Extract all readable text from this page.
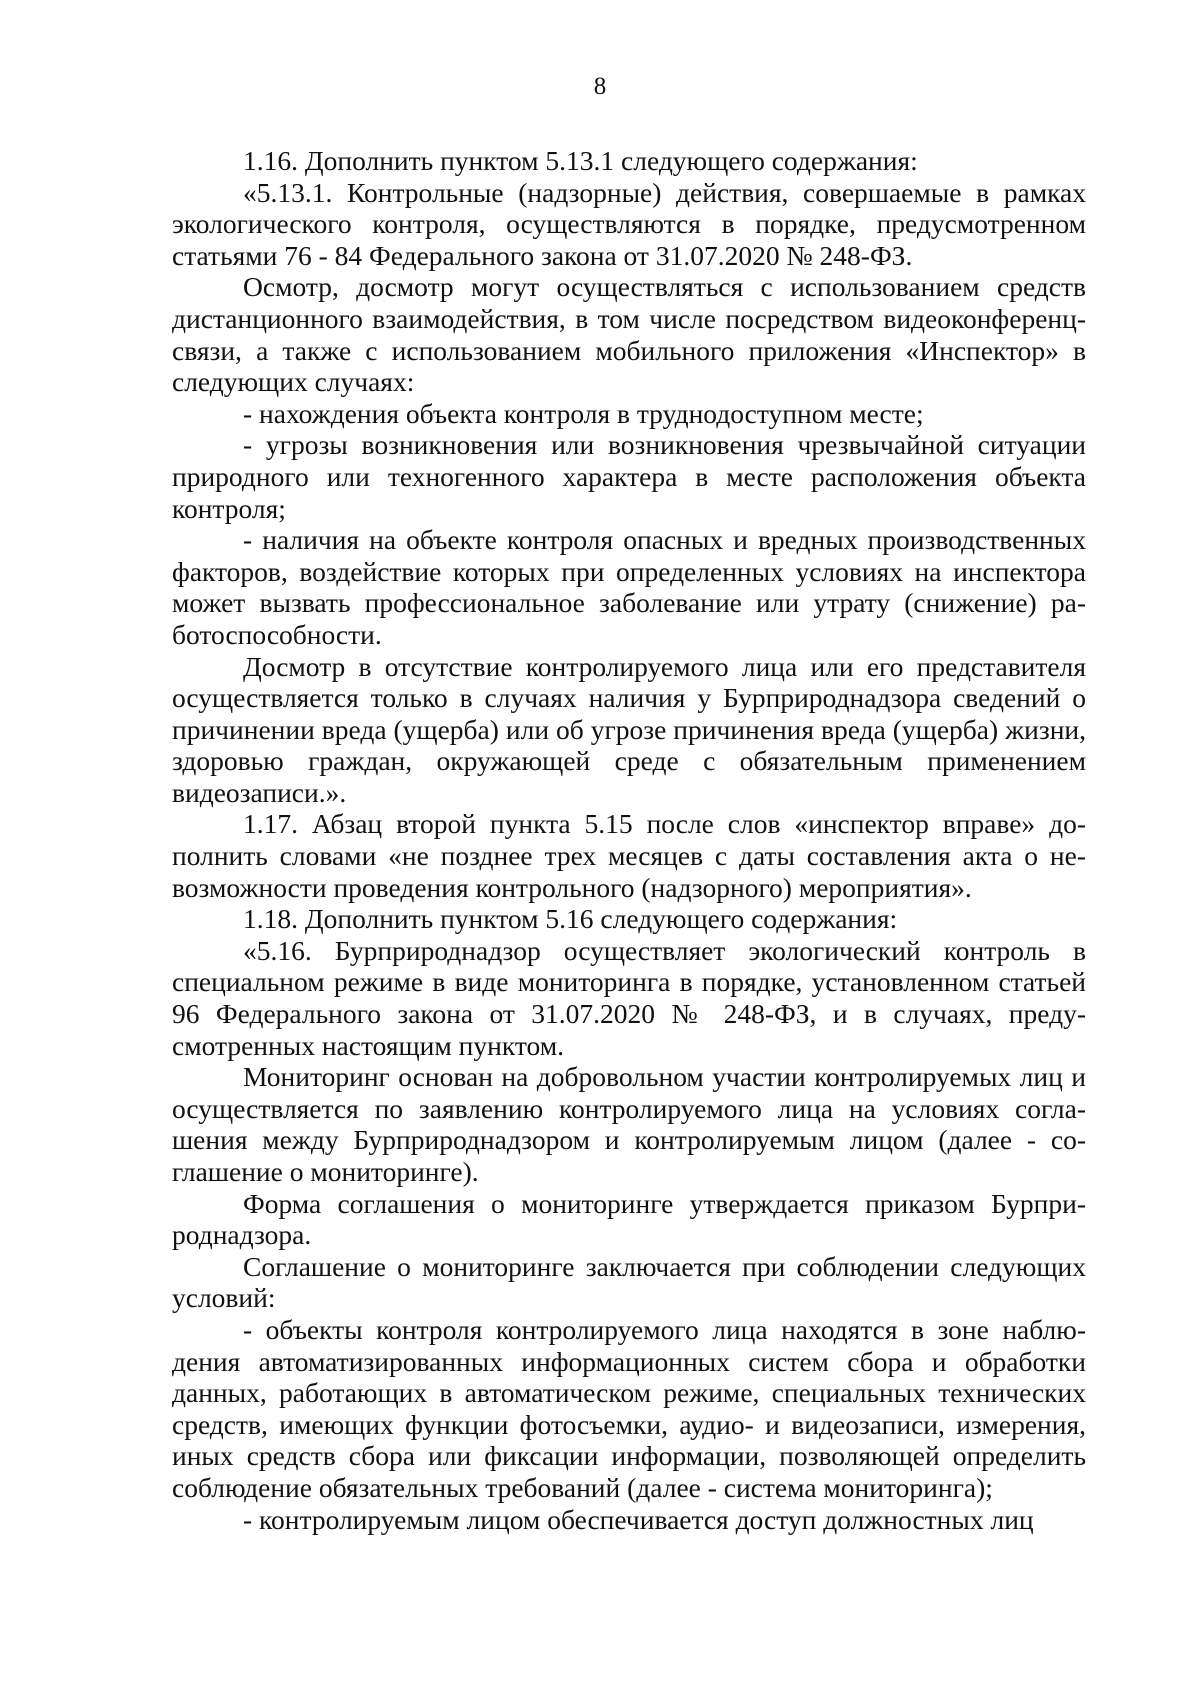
8

1.16. Дополнить пунктом 5.13.1 следующего содержания:

«5.13.1. Контрольные (надзорные) действия, совершаемые в рамках экологического контроля, осуществляются в порядке, предусмотренном статьями 76 - 84 Федерального закона от 31.07.2020 № 248-ФЗ.

Осмотр, досмотр могут осуществляться с использованием средств дистанционного взаимодействия, в том числе посредством видеоконференц-связи, а также с использованием мобильного приложения «Инспектор» в следующих случаях:

- нахождения объекта контроля в труднодоступном месте;

- угрозы возникновения или возникновения чрезвычайной ситуации природного или техногенного характера в месте расположения объекта контроля;

- наличия на объекте контроля опасных и вредных производственных факторов, воздействие которых при определенных условиях на инспектора может вызвать профессиональное заболевание или утрату (снижение) работоспособности.

Досмотр в отсутствие контролируемого лица или его представителя осуществляется только в случаях наличия у Бурприроднадзора сведений о причинении вреда (ущерба) или об угрозе причинения вреда (ущерба) жизни, здоровью граждан, окружающей среде с обязательным применением видеозаписи.».

1.17. Абзац второй пункта 5.15 после слов «инспектор вправе» дополнить словами «не позднее трех месяцев с даты составления акта о невозможности проведения контрольного (надзорного) мероприятия».

1.18. Дополнить пунктом 5.16 следующего содержания:

«5.16. Бурприроднадзор осуществляет экологический контроль в специальном режиме в виде мониторинга в порядке, установленном статьей 96 Федерального закона от 31.07.2020 № 248-ФЗ, и в случаях, предусмотренных настоящим пунктом.

Мониторинг основан на добровольном участии контролируемых лиц и осуществляется по заявлению контролируемого лица на условиях соглашения между Бурприроднадзором и контролируемым лицом (далее - соглашение о мониторинге).

Форма соглашения о мониторинге утверждается приказом Бурприроднадзора.

Соглашение о мониторинге заключается при соблюдении следующих условий:

- объекты контроля контролируемого лица находятся в зоне наблюдения автоматизированных информационных систем сбора и обработки данных, работающих в автоматическом режиме, специальных технических средств, имеющих функции фотосъемки, аудио- и видеозаписи, измерения, иных средств сбора или фиксации информации, позволяющей определить соблюдение обязательных требований (далее - система мониторинга);

- контролируемым лицом обеспечивается доступ должностных лиц
